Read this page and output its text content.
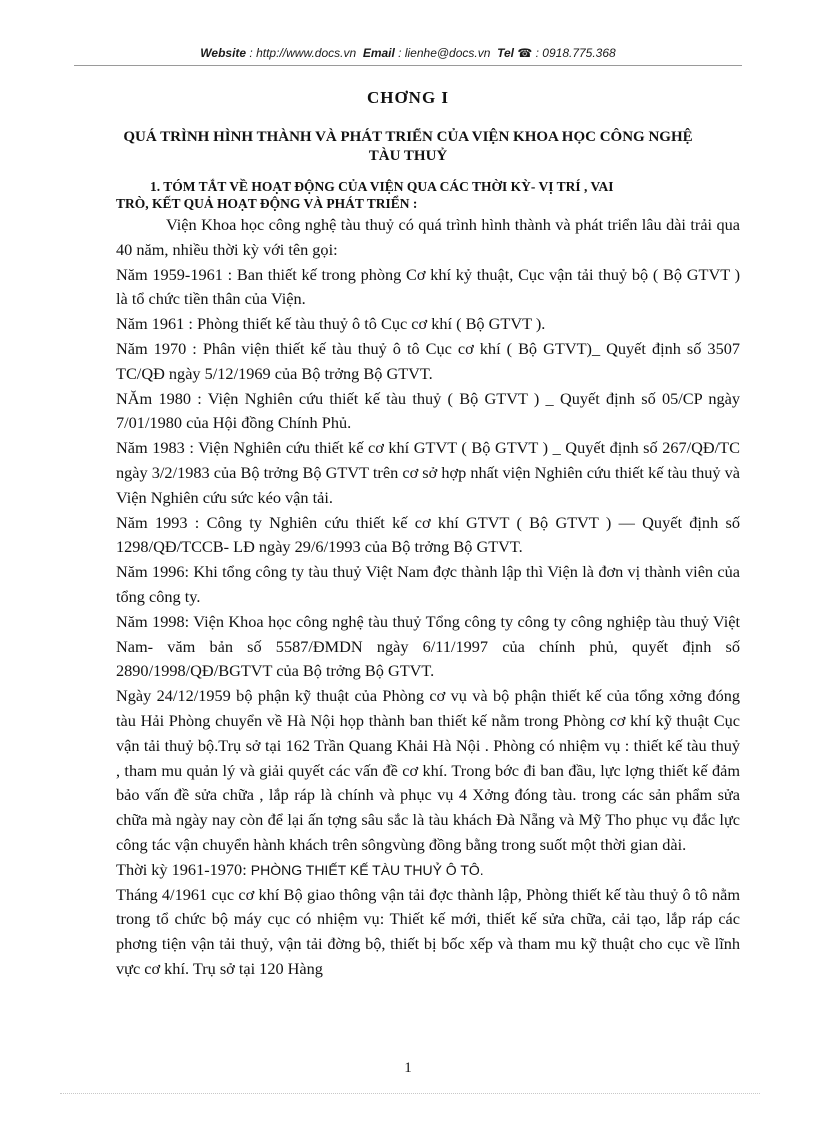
Website : http://www.docs.vn Email : lienhe@docs.vn Tel ☎ : 0918.775.368
CHƠNG I
QUÁ TRÌNH HÌNH THÀNH VÀ PHÁT TRIỂN CỦA VIỆN KHOA HỌC CÔNG NGHỆ TÀU THUỶ
1. TÓM TẮT VỀ HOẠT ĐỘNG CỦA VIỆN QUA CÁC THỜI KỲ- VỊ TRÍ , VAI
TRÒ, KẾT QUẢ HOẠT ĐỘNG VÀ PHÁT TRIỂN :

Viện Khoa học công nghệ tàu thuỷ có quá trình hình thành và phát triển lâu dài trải qua 40 năm, nhiều thời kỳ với tên gọi:

Năm 1959-1961 : Ban thiết kế trong phòng Cơ khí kỷ thuật, Cục vận tải thuỷ bộ ( Bộ GTVT ) là tổ chức tiền thân của Viện.

Năm 1961 : Phòng thiết kế tàu thuỷ ô tô Cục cơ khí ( Bộ GTVT ).

Năm 1970 : Phân viện thiết kế tàu thuỷ ô tô Cục cơ khí ( Bộ GTVT)_ Quyết định số 3507 TC/QĐ ngày 5/12/1969 của Bộ trởng Bộ GTVT.

NĂm 1980 : Viện Nghiên cứu thiết kế tàu thuỷ ( Bộ GTVT ) _ Quyết định số 05/CP ngày 7/01/1980 của Hội đồng Chính Phủ.

Năm 1983 : Viện Nghiên cứu thiết kế cơ khí GTVT ( Bộ GTVT ) _ Quyết định số 267/QĐ/TC ngày 3/2/1983 của Bộ trởng Bộ GTVT trên cơ sở hợp nhất viện Nghiên cứu thiết kế tàu thuỷ và Viện Nghiên cứu sức kéo vận tải.

Năm 1993 : Công ty Nghiên cứu thiết kế cơ khí GTVT ( Bộ GTVT ) — Quyết định số 1298/QĐ/TCCB- LĐ ngày 29/6/1993 của Bộ trởng Bộ GTVT.

Năm 1996: Khi tổng công ty tàu thuỷ Việt Nam đợc thành lập thì Viện là đơn vị thành viên của tổng công ty.

Năm 1998: Viện Khoa học công nghệ tàu thuỷ Tổng công ty công ty công nghiệp tàu thuỷ Việt Nam- văm bản số 5587/ĐMDN ngày 6/11/1997 của chính phủ, quyết định số 2890/1998/QĐ/BGTVT của Bộ trởng Bộ GTVT.

Ngày 24/12/1959 bộ phận kỹ thuật của Phòng cơ vụ và bộ phận thiết kế của tổng xởng đóng tàu Hải Phòng chuyển về Hà Nội họp thành ban thiết kế nằm trong Phòng cơ khí kỹ thuật Cục vận tải thuỷ bộ.Trụ sở tại 162 Trần Quang Khải Hà Nội . Phòng có nhiệm vụ : thiết kế tàu thuỷ , tham mu quản lý và giải quyết các vấn đề cơ khí. Trong bớc đi ban đầu, lực lợng thiết kế đảm bảo vấn đề sửa chữa , lắp ráp là chính và phục vụ 4 Xởng đóng tàu. trong các sản phẩm sửa chữa mà ngày nay còn để lại ấn tợng sâu sắc là tàu khách Đà Nẵng và Mỹ Tho phục vụ đắc lực công tác vận chuyển hành khách trên sôngvùng đồng bằng trong suốt một thời gian dài.

Thời kỳ 1961-1970: PHÒNG THIẾT KẾ TÀU THUỶ Ô TÔ.

Tháng 4/1961 cục cơ khí Bộ giao thông vận tải đợc thành lập, Phòng thiết kế tàu thuỷ ô tô nằm trong tổ chức bộ máy cục có nhiệm vụ: Thiết kế mới, thiết kế sửa chữa, cải tạo, lắp ráp các phơng tiện vận tải thuỷ, vận tải đờng bộ, thiết bị bốc xếp và tham mu kỹ thuật cho cục về lĩnh vực cơ khí. Trụ sở tại 120 Hàng

1
